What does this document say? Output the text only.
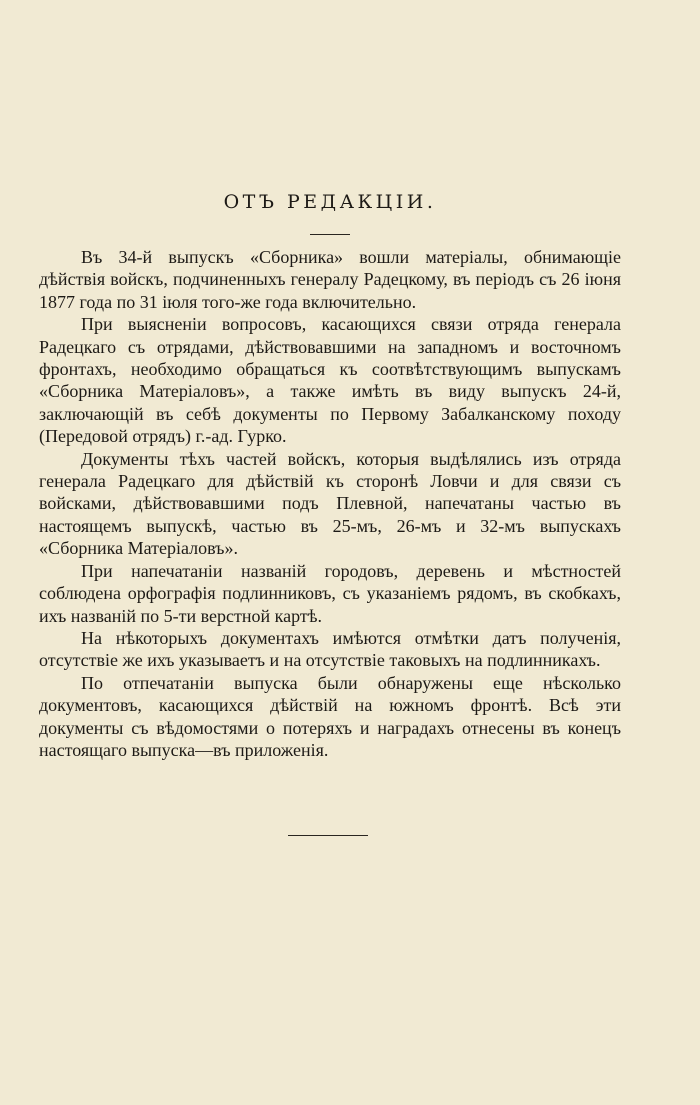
ОТЪ РЕДАКЦIИ.

Въ 34-й выпускъ «Сборника» вошли матеріалы, обнимающіе дѣйствія войскъ, подчиненныхъ генералу Радецкому, въ періодъ съ 26 іюня 1877 года по 31 іюля того-же года включительно.

При выясненіи вопросовъ, касающихся связи отряда генерала Радецкаго съ отрядами, дѣйствовавшими на западномъ и восточномъ фронтахъ, необходимо обращаться къ соотвѣтствующимъ выпускамъ «Сборника Матеріаловъ», а также имѣть въ виду выпускъ 24-й, заключающій въ себѣ документы по Первому Забалканскому походу (Передовой отрядъ) г.-ад. Гурко.

Документы тѣхъ частей войскъ, которыя выдѣлялись изъ отряда генерала Радецкаго для дѣйствій къ сторонѣ Ловчи и для связи съ войсками, дѣйствовавшими подъ Плевной, напечатаны частью въ настоящемъ выпускѣ, частью въ 25-мъ, 26-мъ и 32-мъ выпускахъ «Сборника Матеріаловъ».

При напечатаніи названій городовъ, деревень и мѣстностей соблюдена орфографія подлинниковъ, съ указаніемъ рядомъ, въ скобкахъ, ихъ названій по 5-ти верстной картѣ.

На нѣкоторыхъ документахъ имѣются отмѣтки датъ полученія, отсутствіе же ихъ указываетъ и на отсутствіе таковыхъ на подлинникахъ.

По отпечатаніи выпуска были обнаружены еще нѣсколько документовъ, касающихся дѣйствій на южномъ фронтѣ. Всѣ эти документы съ вѣдомостями о потеряхъ и наградахъ отнесены въ конецъ настоящаго выпуска—въ приложенія.
